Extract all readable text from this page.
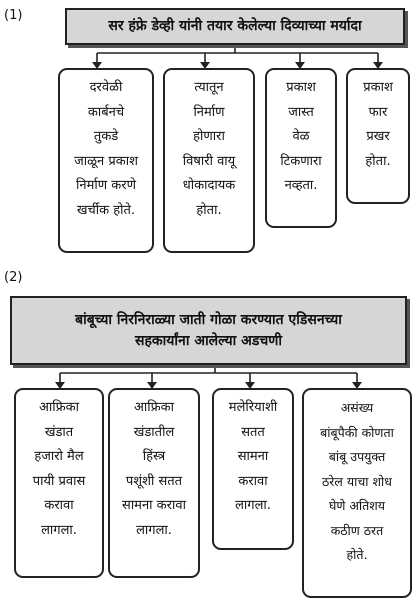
(1)
सर हंफ्रे डेव्ही यांनी तयार केलेल्या दिव्याच्या मर्यादा
दरवेळी
कार्बनचे
तुकडे
जाळून प्रकाश
निर्माण करणे
खर्चीक होते.
त्यातून
निर्माण
होणारा
विषारी वायू
धोकादायक
होता.
प्रकाश
जास्त
वेळ
टिकणारा
नव्हता.
प्रकाश
फार
प्रखर
होता.
(2)
बांबूच्या निरनिराळ्या जाती गोळा करण्यात एडिसनच्या
सहकार्यांना आलेल्या अडचणी
आफ्रिका
खंडात
हजारो मैल
पायी प्रवास
करावा
लागला.
आफ्रिका
खंडातील
हिंस्त्र
पशूंशी सतत
सामना करावा
लागला.
मलेरियाशी
सतत
सामना
करावा
लागला.
असंख्य
बांबूपैकी कोणता
बांबू उपयुक्त
ठरेल याचा शोध
घेणे अतिशय
कठीण ठरत
होते.
